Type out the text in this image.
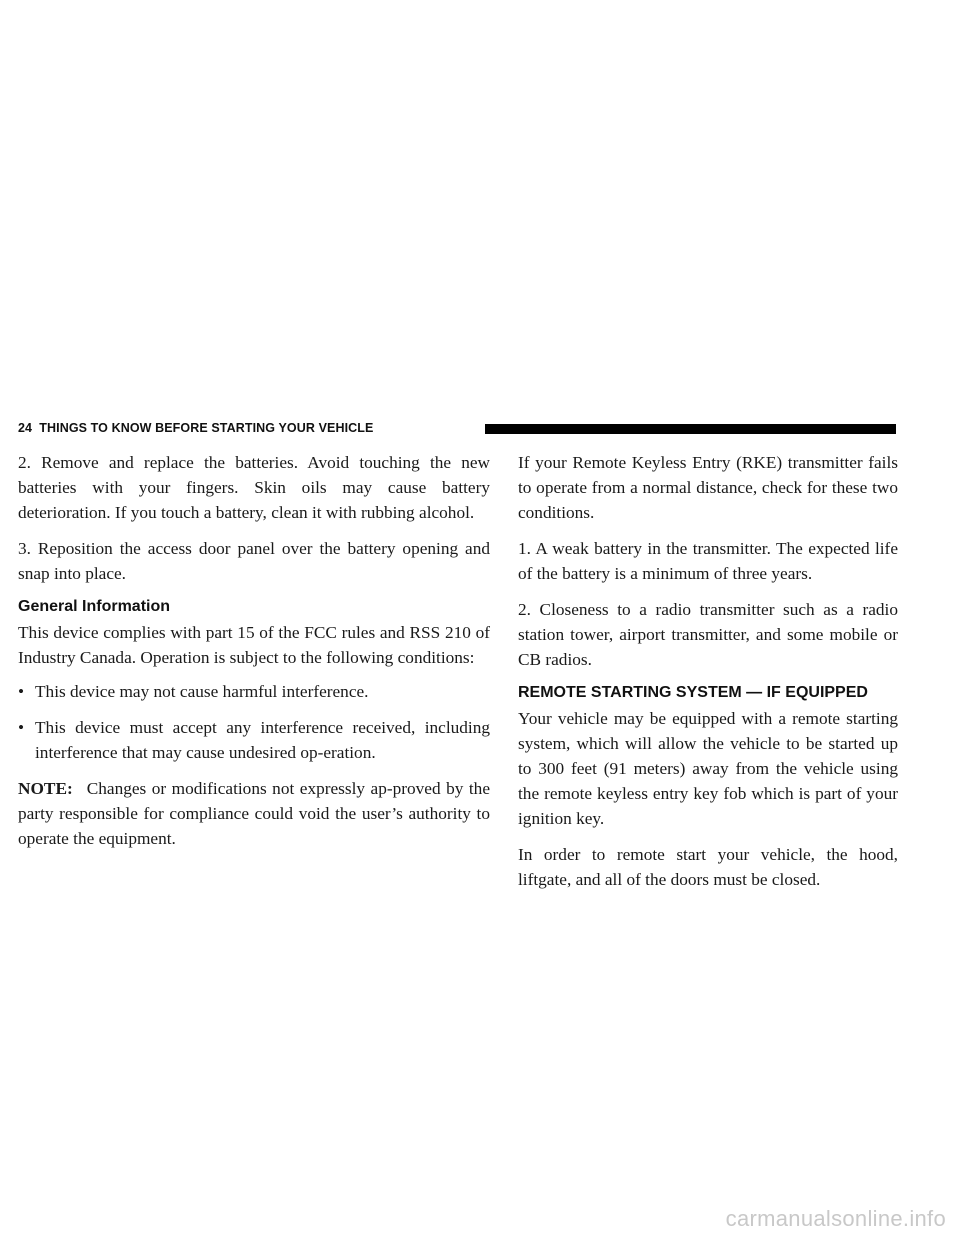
24 THINGS TO KNOW BEFORE STARTING YOUR VEHICLE

2. Remove and replace the batteries. Avoid touching the new batteries with your fingers. Skin oils may cause battery deterioration. If you touch a battery, clean it with rubbing alcohol.

3. Reposition the access door panel over the battery opening and snap into place.

General Information

This device complies with part 15 of the FCC rules and RSS 210 of Industry Canada. Operation is subject to the following conditions:

• This device may not cause harmful interference.
• This device must accept any interference received, including interference that may cause undesired op-eration.

NOTE: Changes or modifications not expressly ap-proved by the party responsible for compliance could void the user’s authority to operate the equipment.

If your Remote Keyless Entry (RKE) transmitter fails to operate from a normal distance, check for these two conditions.

1. A weak battery in the transmitter. The expected life of the battery is a minimum of three years.

2. Closeness to a radio transmitter such as a radio station tower, airport transmitter, and some mobile or CB radios.

REMOTE STARTING SYSTEM — IF EQUIPPED

Your vehicle may be equipped with a remote starting system, which will allow the vehicle to be started up to 300 feet (91 meters) away from the vehicle using the remote keyless entry key fob which is part of your ignition key.

In order to remote start your vehicle, the hood, liftgate, and all of the doors must be closed.

carmanualsonline.info
